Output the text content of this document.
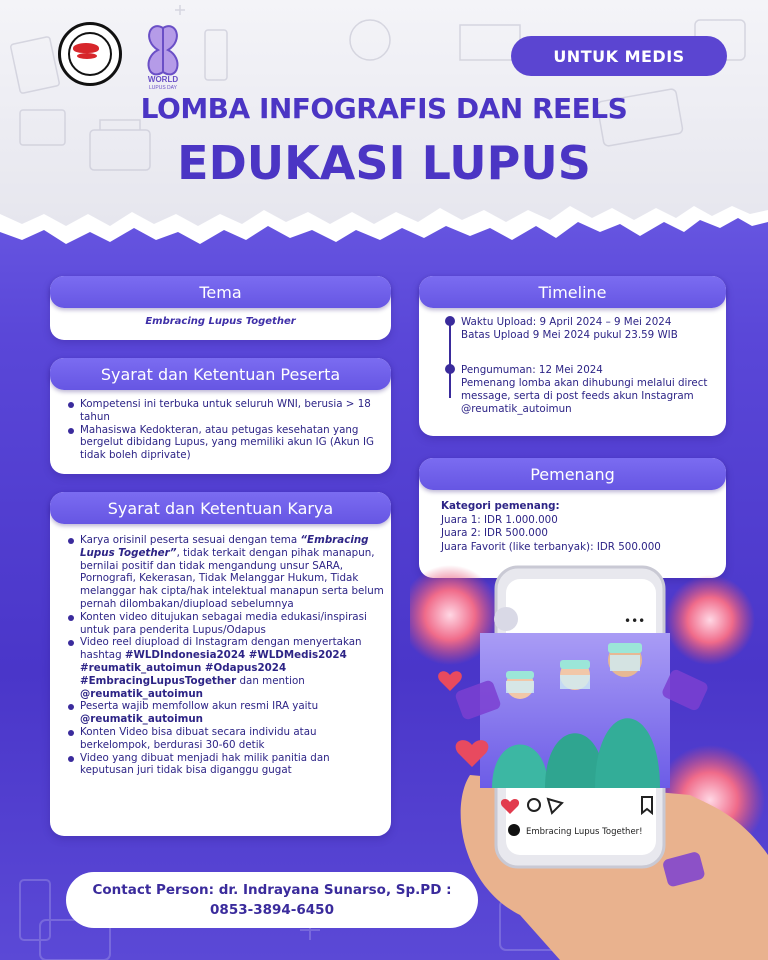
WORLD
LUPUS DAY
UNTUK MEDIS
LOMBA INFOGRAFIS DAN REELS
EDUKASI LUPUS
Tema
Embracing Lupus Together
Syarat dan Ketentuan Peserta
Kompetensi ini terbuka untuk seluruh WNI, berusia > 18 tahun
Mahasiswa Kedokteran, atau petugas kesehatan yang bergelut dibidang Lupus, yang memiliki akun IG (Akun IG tidak boleh diprivate)
Syarat dan Ketentuan Karya
Karya orisinil peserta sesuai dengan tema “Embracing Lupus Together”, tidak terkait dengan pihak manapun, bernilai positif dan tidak mengandung unsur SARA, Pornografi, Kekerasan, Tidak Melanggar Hukum, Tidak melanggar hak cipta/hak intelektual manapun serta belum pernah dilombakan/diupload sebelumnya
Konten video ditujukan sebagai media edukasi/inspirasi untuk para penderita Lupus/Odapus
Video reel diupload di Instagram dengan menyertakan hashtag #WLDIndonesia2024 #WLDMedis2024 #reumatik_autoimun #Odapus2024 #EmbracingLupusTogether dan mention @reumatik_autoimun
Peserta wajib memfollow akun resmi IRA yaitu @reumatik_autoimun
Konten Video bisa dibuat secara individu atau berkelompok, berdurasi 30-60 detik
Video yang dibuat menjadi hak milik panitia dan keputusan juri tidak bisa diganggu gugat
Timeline
Waktu Upload: 9 April 2024 – 9 Mei 2024
Batas Upload 9 Mei 2024 pukul 23.59 WIB
Pengumuman: 12 Mei 2024
Pemenang lomba akan dihubungi melalui direct message, serta di post feeds akun Instagram @reumatik_autoimun
Pemenang
Kategori pemenang:
Juara 1: IDR 1.000.000
Juara 2: IDR 500.000
Juara Favorit (like terbanyak): IDR 500.000
•••
Embracing Lupus Together!
Contact Person: dr. Indrayana Sunarso, Sp.PD :
0853-3894-6450
